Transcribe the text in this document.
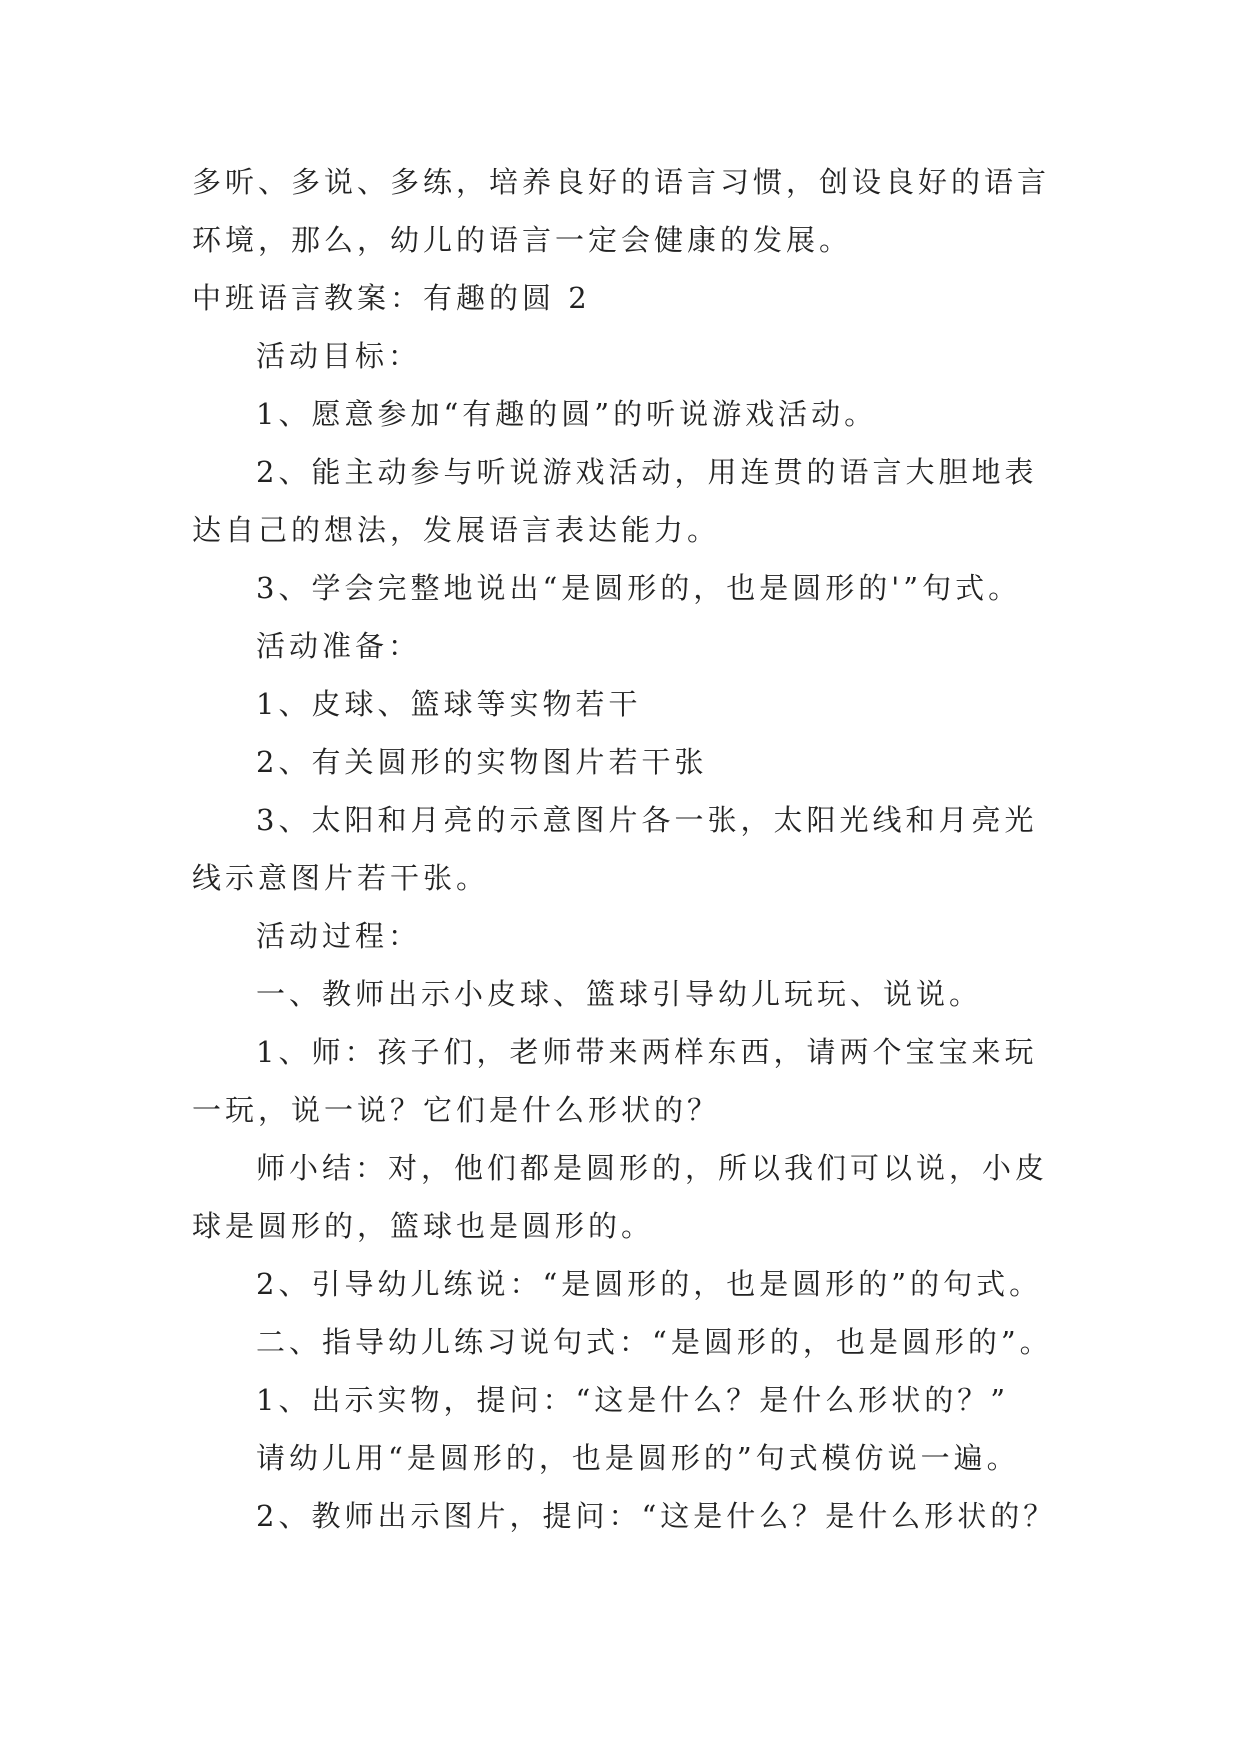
多听、多说、多练，培养良好的语言习惯，创设良好的语言
环境，那么，幼儿的语言一定会健康的发展。
中班语言教案：有趣的圆 2
活动目标：
1、愿意参加“有趣的圆”的听说游戏活动。
2、能主动参与听说游戏活动，用连贯的语言大胆地表
达自己的想法，发展语言表达能力。
3、学会完整地说出“是圆形的，也是圆形的'”句式。
活动准备：
1、皮球、篮球等实物若干
2、有关圆形的实物图片若干张
3、太阳和月亮的示意图片各一张，太阳光线和月亮光
线示意图片若干张。
活动过程：
一、教师出示小皮球、篮球引导幼儿玩玩、说说。
1、师：孩子们，老师带来两样东西，请两个宝宝来玩
一玩，说一说？它们是什么形状的？
师小结：对，他们都是圆形的，所以我们可以说，小皮
球是圆形的，篮球也是圆形的。
2、引导幼儿练说：“是圆形的，也是圆形的”的句式。
二、指导幼儿练习说句式：“是圆形的，也是圆形的”。
1、出示实物，提问：“这是什么？是什么形状的？”
请幼儿用“是圆形的，也是圆形的”句式模仿说一遍。
2、教师出示图片，提问：“这是什么？是什么形状的？
